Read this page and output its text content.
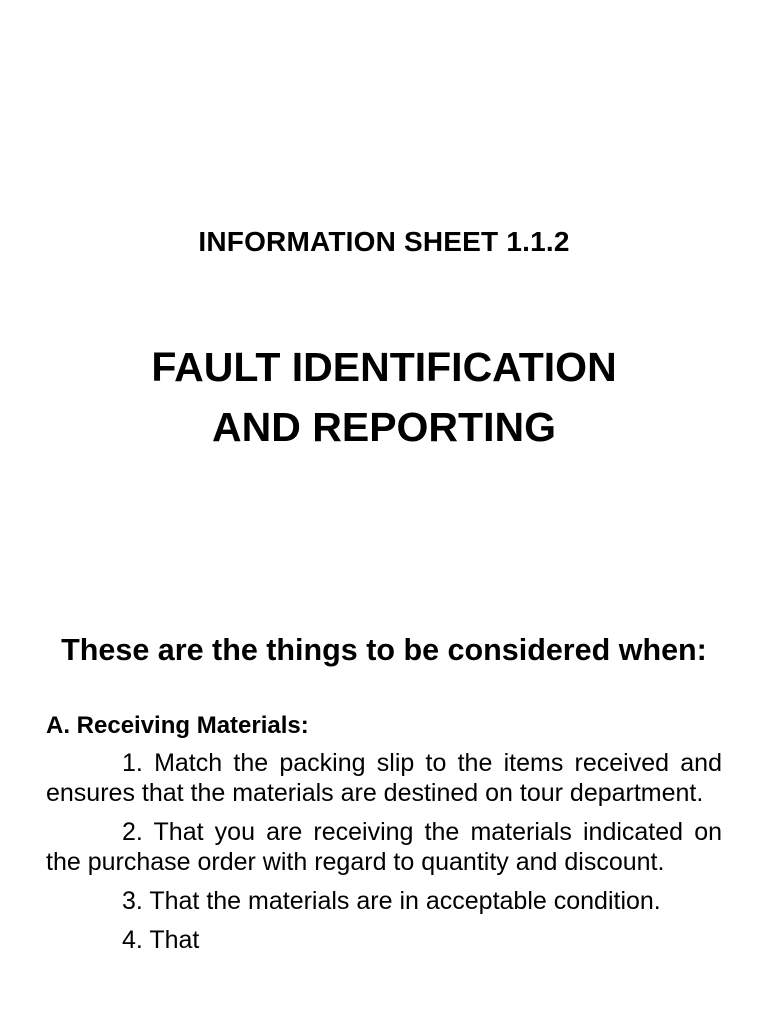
INFORMATION SHEET 1.1.2
FAULT IDENTIFICATION
AND REPORTING
These are the things to be considered when:
A. Receiving Materials:

1. Match the packing slip to the items received and ensures that the materials are destined on tour department.

2. That you are receiving the materials indicated on the purchase order with regard to quantity and discount.

3. That the materials are in acceptable condition.

4. That
